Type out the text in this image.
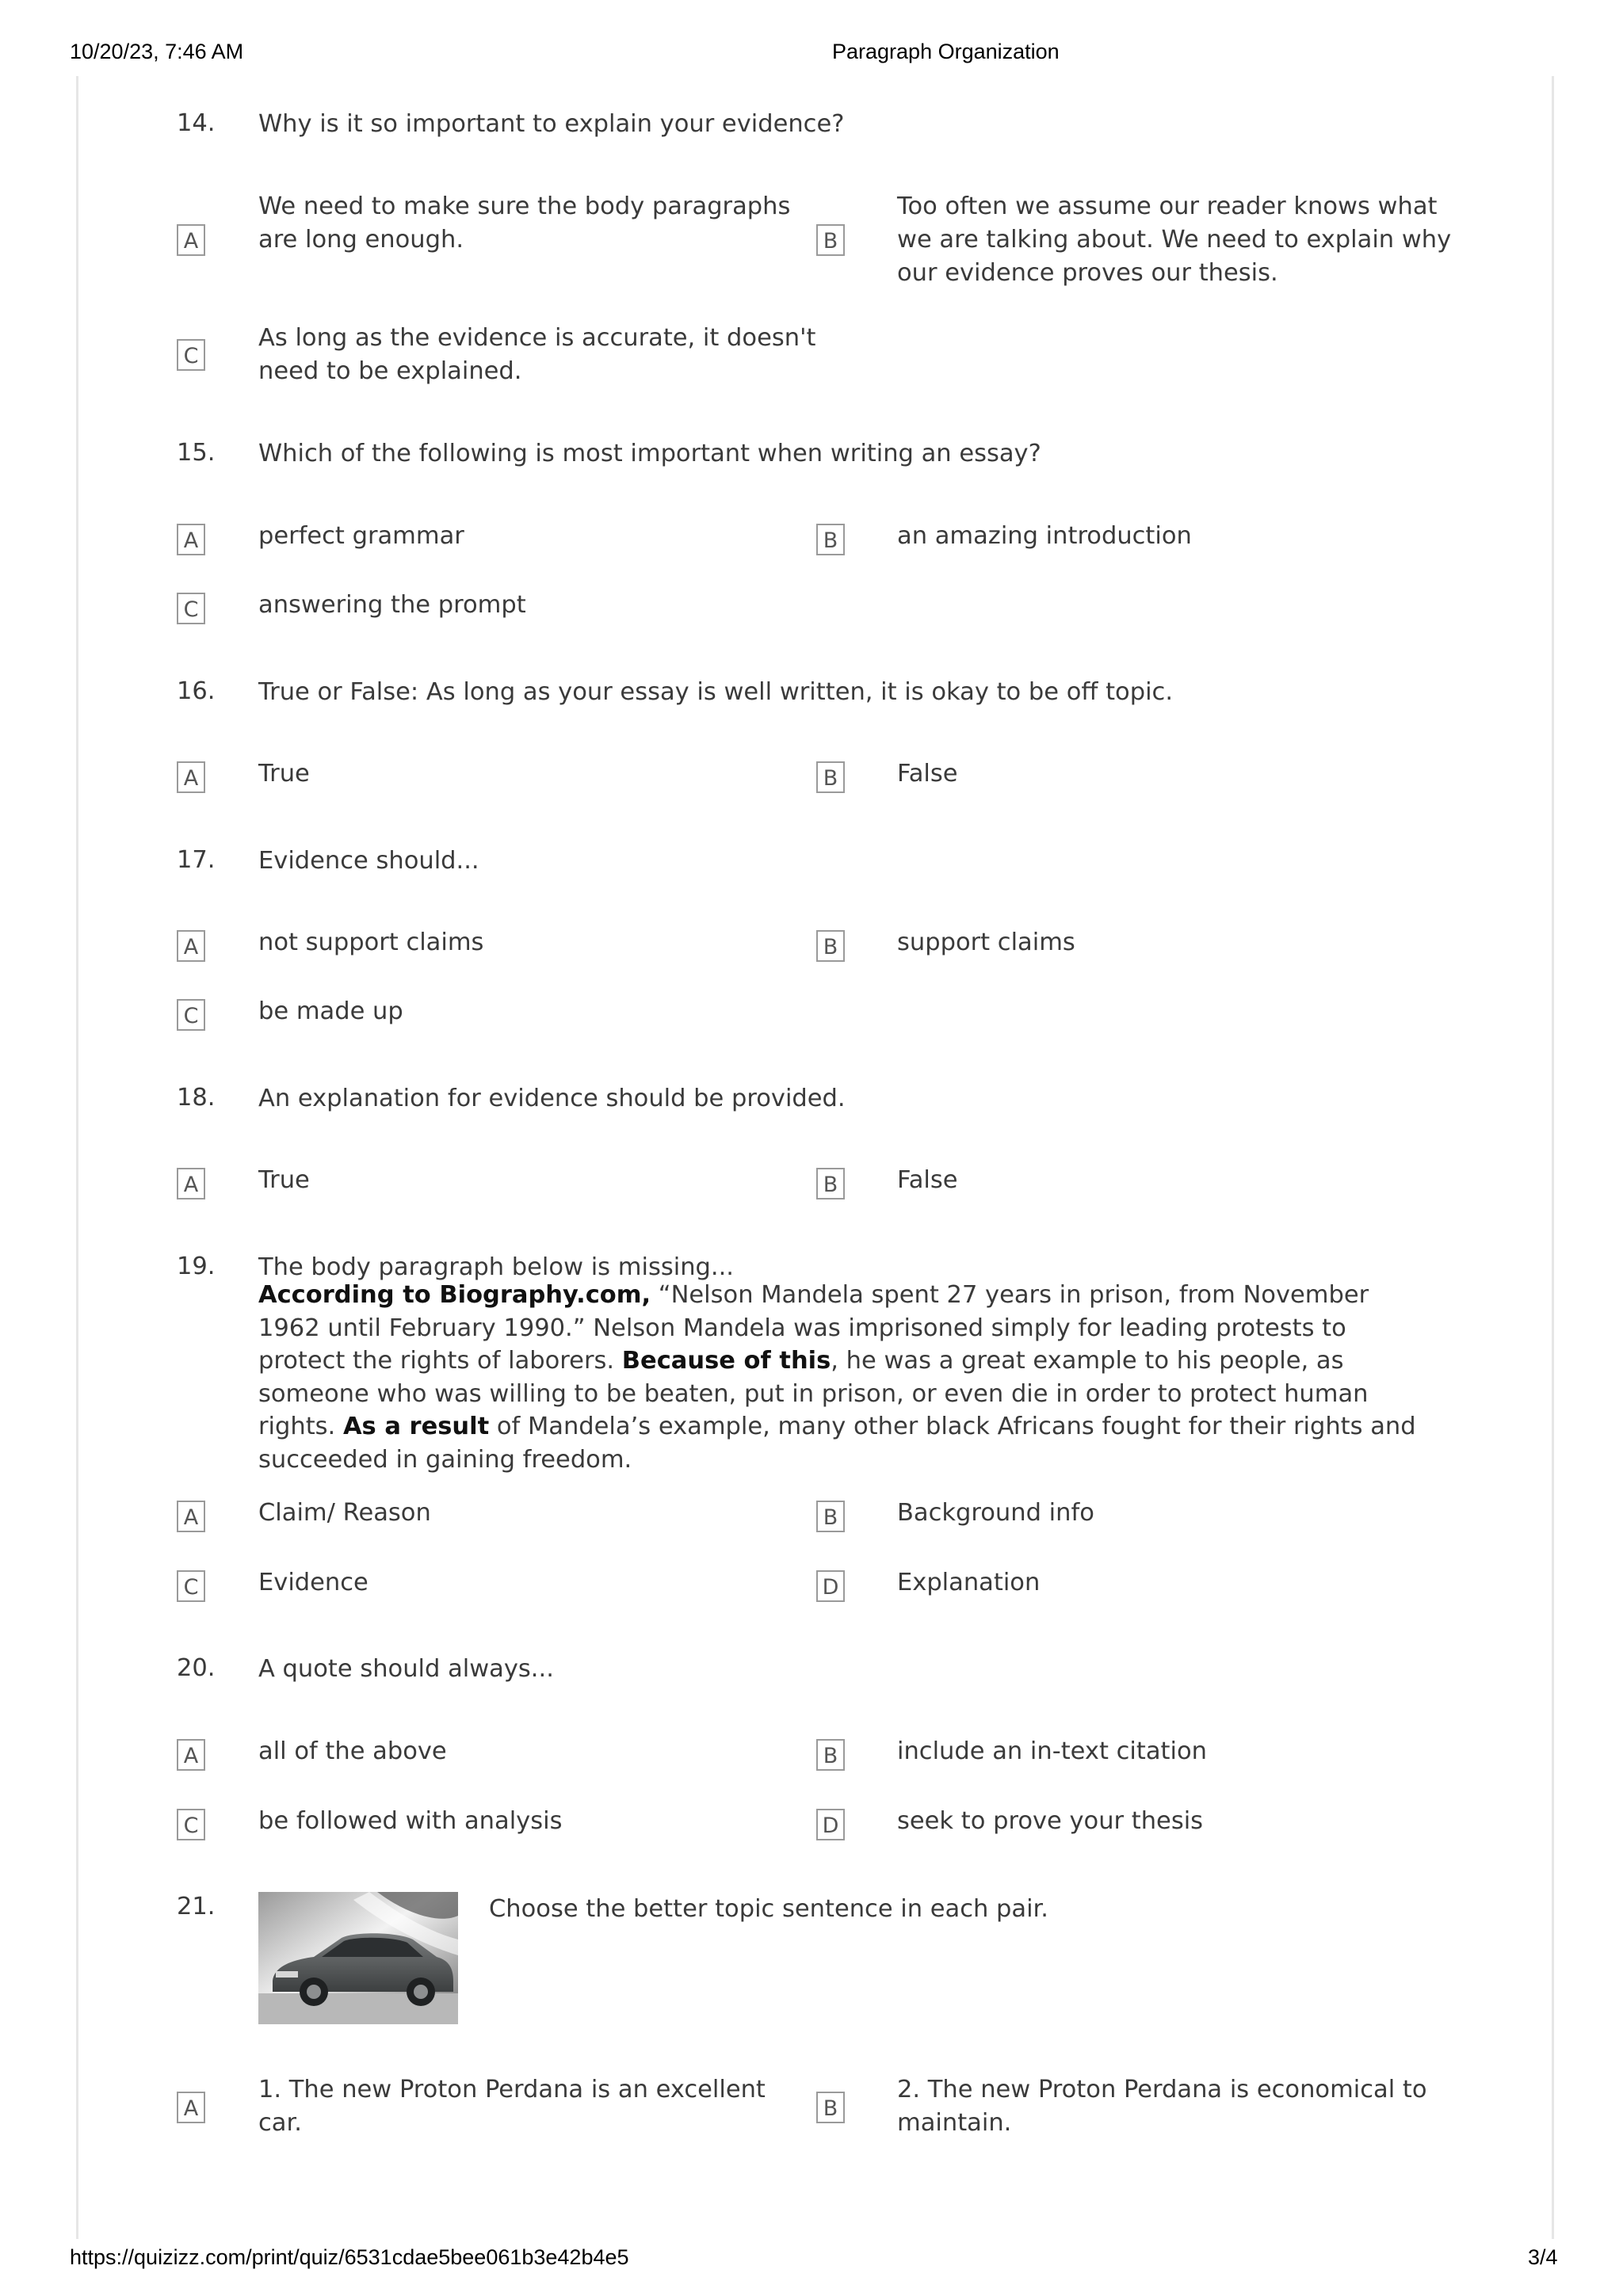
10/20/23, 7:46 AM	Paragraph Organization
14. Why is it so important to explain your evidence?
A
We need to make sure the body paragraphs are long enough.	B
Too often we assume our reader knows what we are talking about. We need to explain why our evidence proves our thesis.
C
As long as the evidence is accurate, it doesn't need to be explained.
15. Which of the following is most important when writing an essay?
A perfect grammar	B an amazing introduction
C answering the prompt
16. True or False: As long as your essay is well written, it is okay to be off topic.
A True	B False
17. Evidence should...
A not support claims	B support claims
C be made up
18. An explanation for evidence should be provided.
A True	B False
19. The body paragraph below is missing...
According to Biography.com, “Nelson Mandela spent 27 years in prison, from November 1962 until February 1990.” Nelson Mandela was imprisoned simply for leading protests to protect the rights of laborers. Because of this, he was a great example to his people, as someone who was willing to be beaten, put in prison, or even die in order to protect human rights. As a result of Mandela’s example, many other black Africans fought for their rights and succeeded in gaining freedom.
A Claim/ Reason	B Background info
C Evidence	D Explanation
20. A quote should always...
A all of the above	B include an in-text citation
C be followed with analysis	D seek to prove your thesis
21.	Choose the better topic sentence in each pair.
A
1. The new Proton Perdana is an excellent car.
B
2. The new Proton Perdana is economical to maintain.
https://quizizz.com/print/quiz/6531cdae5bee061b3e42b4e5	3/4
